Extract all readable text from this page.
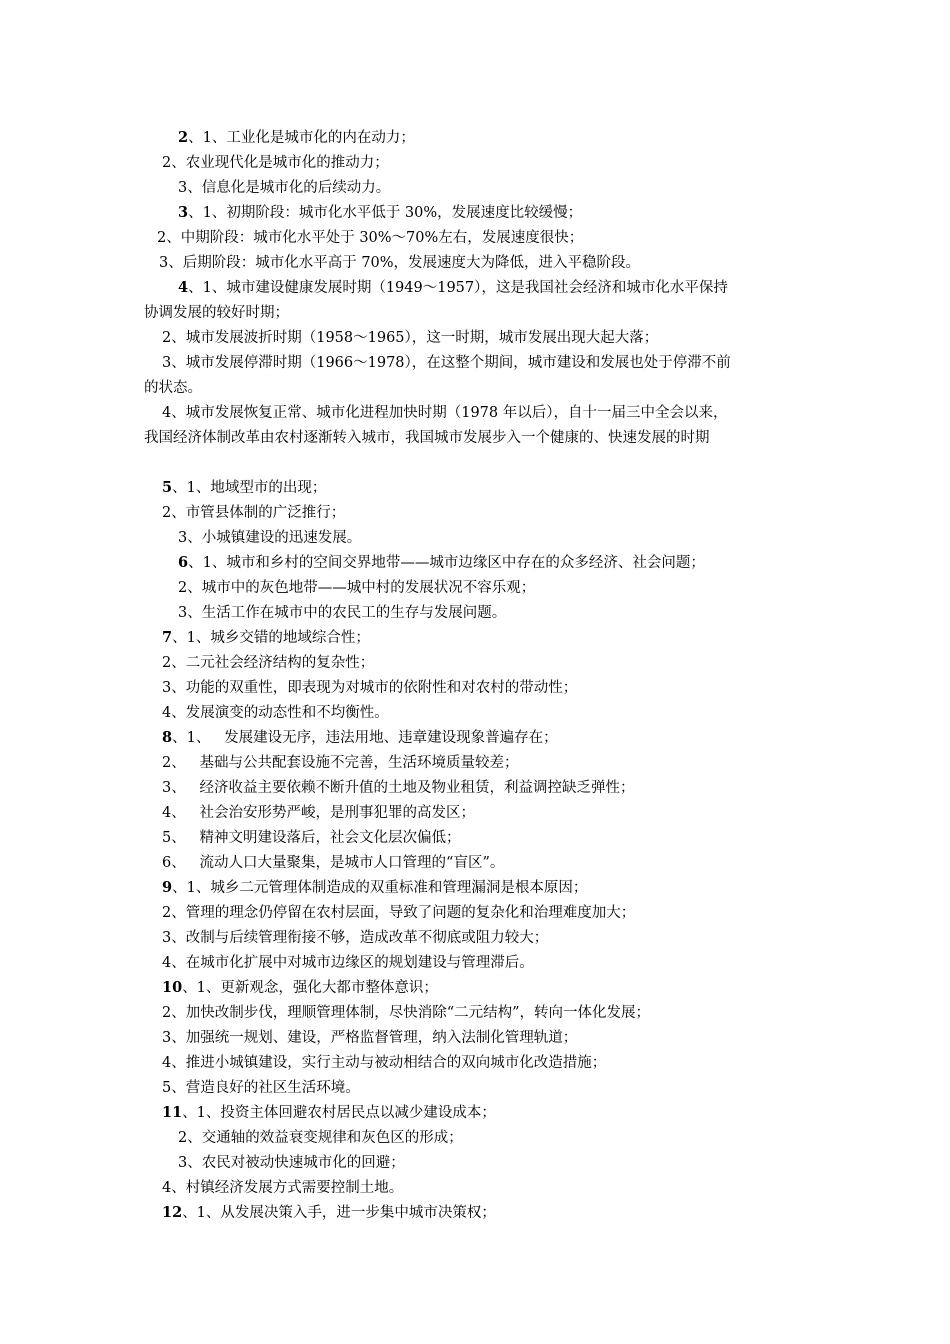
2、1、工业化是城市化的内在动力；
2、农业现代化是城市化的推动力；
3、信息化是城市化的后续动力。
3、1、初期阶段：城市化水平低于 30%，发展速度比较缓慢；
2、中期阶段：城市化水平处于 30%～70%左右，发展速度很快；
3、后期阶段：城市化水平高于 70%，发展速度大为降低，进入平稳阶段。
4、1、城市建设健康发展时期（1949～1957），这是我国社会经济和城市化水平保持
协调发展的较好时期；
2、城市发展波折时期（1958～1965），这一时期，城市发展出现大起大落；
3、城市发展停滞时期（1966～1978），在这整个期间，城市建设和发展也处于停滞不前
的状态。
4、城市发展恢复正常、城市化进程加快时期（1978 年以后），自十一届三中全会以来，
我国经济体制改革由农村逐渐转入城市，我国城市发展步入一个健康的、快速发展的时期
5、1、地域型市的出现；
2、市管县体制的广泛推行；
3、小城镇建设的迅速发展。
6、1、城市和乡村的空间交界地带——城市边缘区中存在的众多经济、社会问题；
2、城市中的灰色地带——城中村的发展状况不容乐观；
3、生活工作在城市中的农民工的生存与发展问题。
7、1、城乡交错的地域综合性；
2、二元社会经济结构的复杂性；
3、功能的双重性，即表现为对城市的依附性和对农村的带动性；
4、发展演变的动态性和不均衡性。
8、1、   发展建设无序，违法用地、违章建设现象普遍存在；
2、   基础与公共配套设施不完善，生活环境质量较差；
3、   经济收益主要依赖不断升值的土地及物业租赁，利益调控缺乏弹性；
4、   社会治安形势严峻，是刑事犯罪的高发区；
5、   精神文明建设落后，社会文化层次偏低；
6、   流动人口大量聚集，是城市人口管理的“盲区”。
9、1、城乡二元管理体制造成的双重标准和管理漏洞是根本原因；
2、管理的理念仍停留在农村层面，导致了问题的复杂化和治理难度加大；
3、改制与后续管理衔接不够，造成改革不彻底或阻力较大；
4、在城市化扩展中对城市边缘区的规划建设与管理滞后。
10、1、更新观念，强化大都市整体意识；
2、加快改制步伐，理顺管理体制，尽快消除“二元结构”，转向一体化发展；
3、加强统一规划、建设，严格监督管理，纳入法制化管理轨道；
4、推进小城镇建设，实行主动与被动相结合的双向城市化改造措施；
5、营造良好的社区生活环境。
11、1、投资主体回避农村居民点以减少建设成本；
2、交通轴的效益衰变规律和灰色区的形成；
3、农民对被动快速城市化的回避；
4、村镇经济发展方式需要控制土地。
12、1、从发展决策入手，进一步集中城市决策权；
